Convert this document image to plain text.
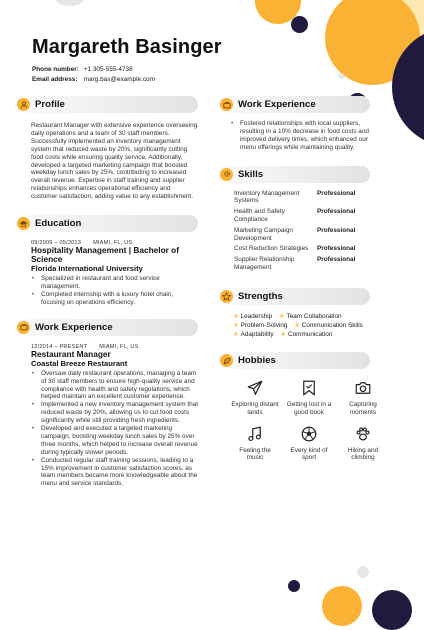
Margareth Basinger
Phone number: +1 305-555-4738
Email address: marg.bas@example.com
Profile
Restaurant Manager with extensive experience overseeing daily operations and a team of 30 staff members. Successfully implemented an inventory management system that reduced waste by 20%, significantly cutting food costs while ensuring quality service. Additionally, developed a targeted marketing campaign that boosted weekday lunch sales by 25%, contributing to increased overall revenue. Expertise in staff training and supplier relationships enhances operational efficiency and customer satisfaction, adding value to any establishment.
Education
09/2009 – 05/2013 MIAMI, FL, US
Hospitality Management | Bachelor of Science
Florida International University
• Specialized in restaurant and food service management.
• Completed internship with a luxury hotel chain, focusing on operations efficiency.
Work Experience
12/2014 – PRESENT MIAMI, FL, US
Restaurant Manager
Coastal Breeze Restaurant
• Oversaw daily restaurant operations, managing a team of 30 staff members to ensure high-quality service and compliance with health and safety regulations, which helped maintain an excellent customer experience.
• Implemented a new inventory management system that reduced waste by 20%, allowing us to cut food costs significantly while still providing fresh ingredients.
• Developed and executed a targeted marketing campaign, boosting weekday lunch sales by 25% over three months, which helped to increase overall revenue during typically slower periods.
• Conducted regular staff training sessions, leading to a 15% improvement in customer satisfaction scores, as team members became more knowledgeable about the menu and service standards.
Work Experience
• Fostered relationships with local suppliers, resulting in a 10% decrease in food costs and improved delivery times, which enhanced our menu offerings while maintaining quality.
Skills
Inventory Management Systems
Professional
Health and Safety Compliance
Professional
Marketing Campaign Development
Professional
Cost Reduction Strategies	Professional
Supplier Relationship Management
Professional
Strengths
# Leadership # Team Collaboration
# Problem-Solving # Communication Skills
# Adaptability # Communication
Hobbies
Exploring distant lands
Getting lost in a good book
Capturing moments
Feeling the music
Every kind of sport
Hiking and climbing
